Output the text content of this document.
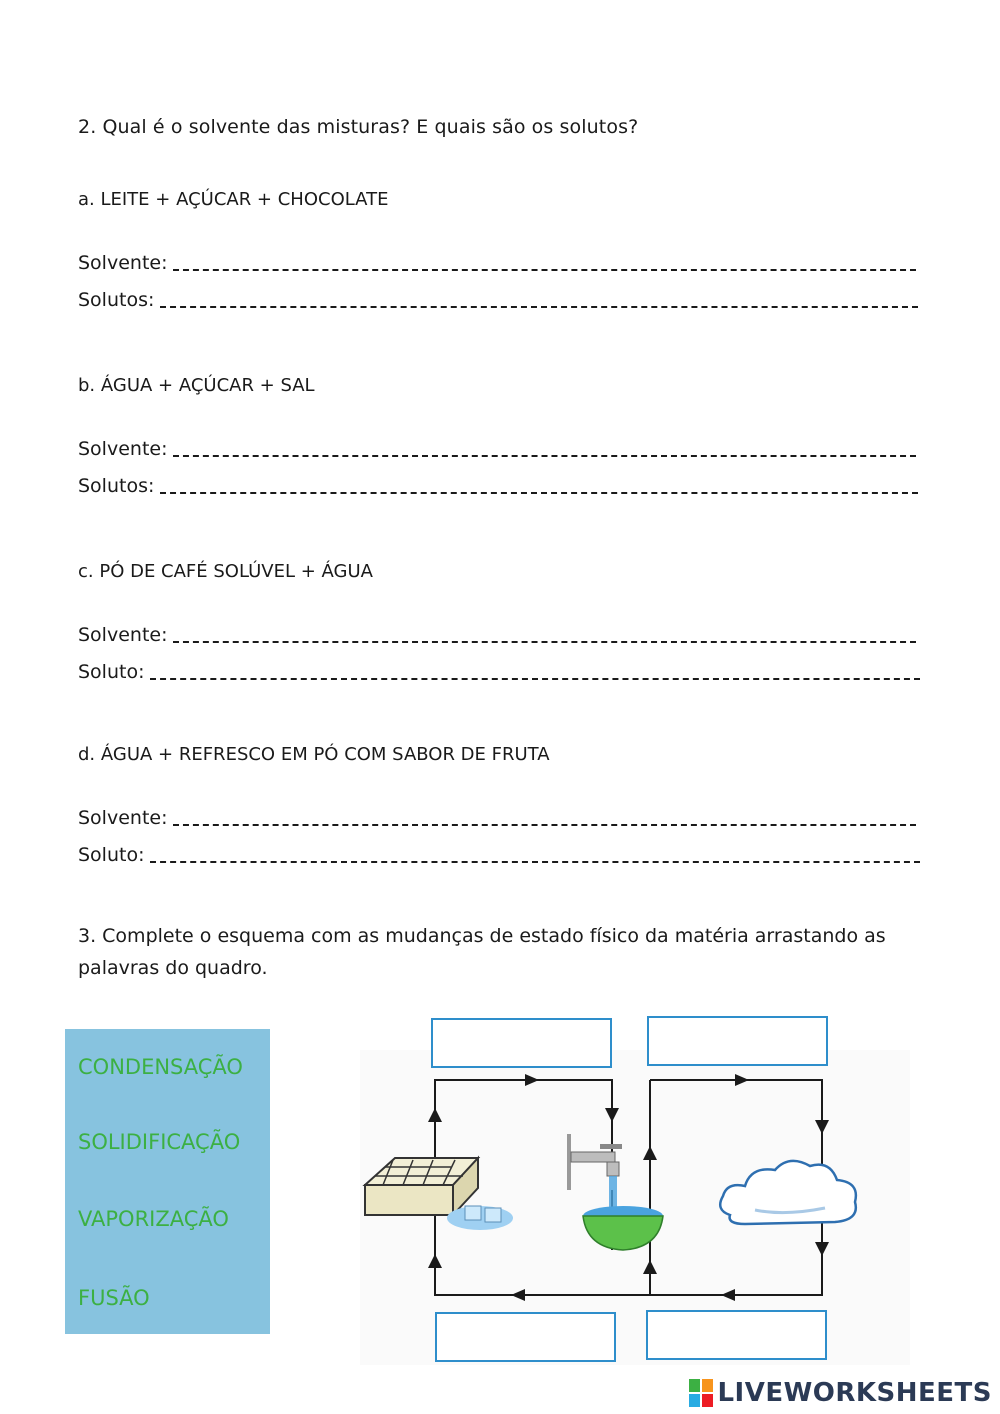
2. Qual é o solvente das misturas? E quais são os solutos?
a. LEITE + AÇÚCAR + CHOCOLATE
Solvente:
Solutos:
b. ÁGUA + AÇÚCAR + SAL
Solvente:
Solutos:
c. PÓ DE CAFÉ SOLÚVEL + ÁGUA
Solvente:
Soluto:
d. ÁGUA + REFRESCO EM PÓ COM SABOR DE FRUTA
Solvente:
Soluto:
3. Complete o esquema com as mudanças de estado físico da matéria arrastando as palavras do quadro.
CONDENSAÇÃO
SOLIDIFICAÇÃO
VAPORIZAÇÃO
FUSÃO
LIVEWORKSHEETS
